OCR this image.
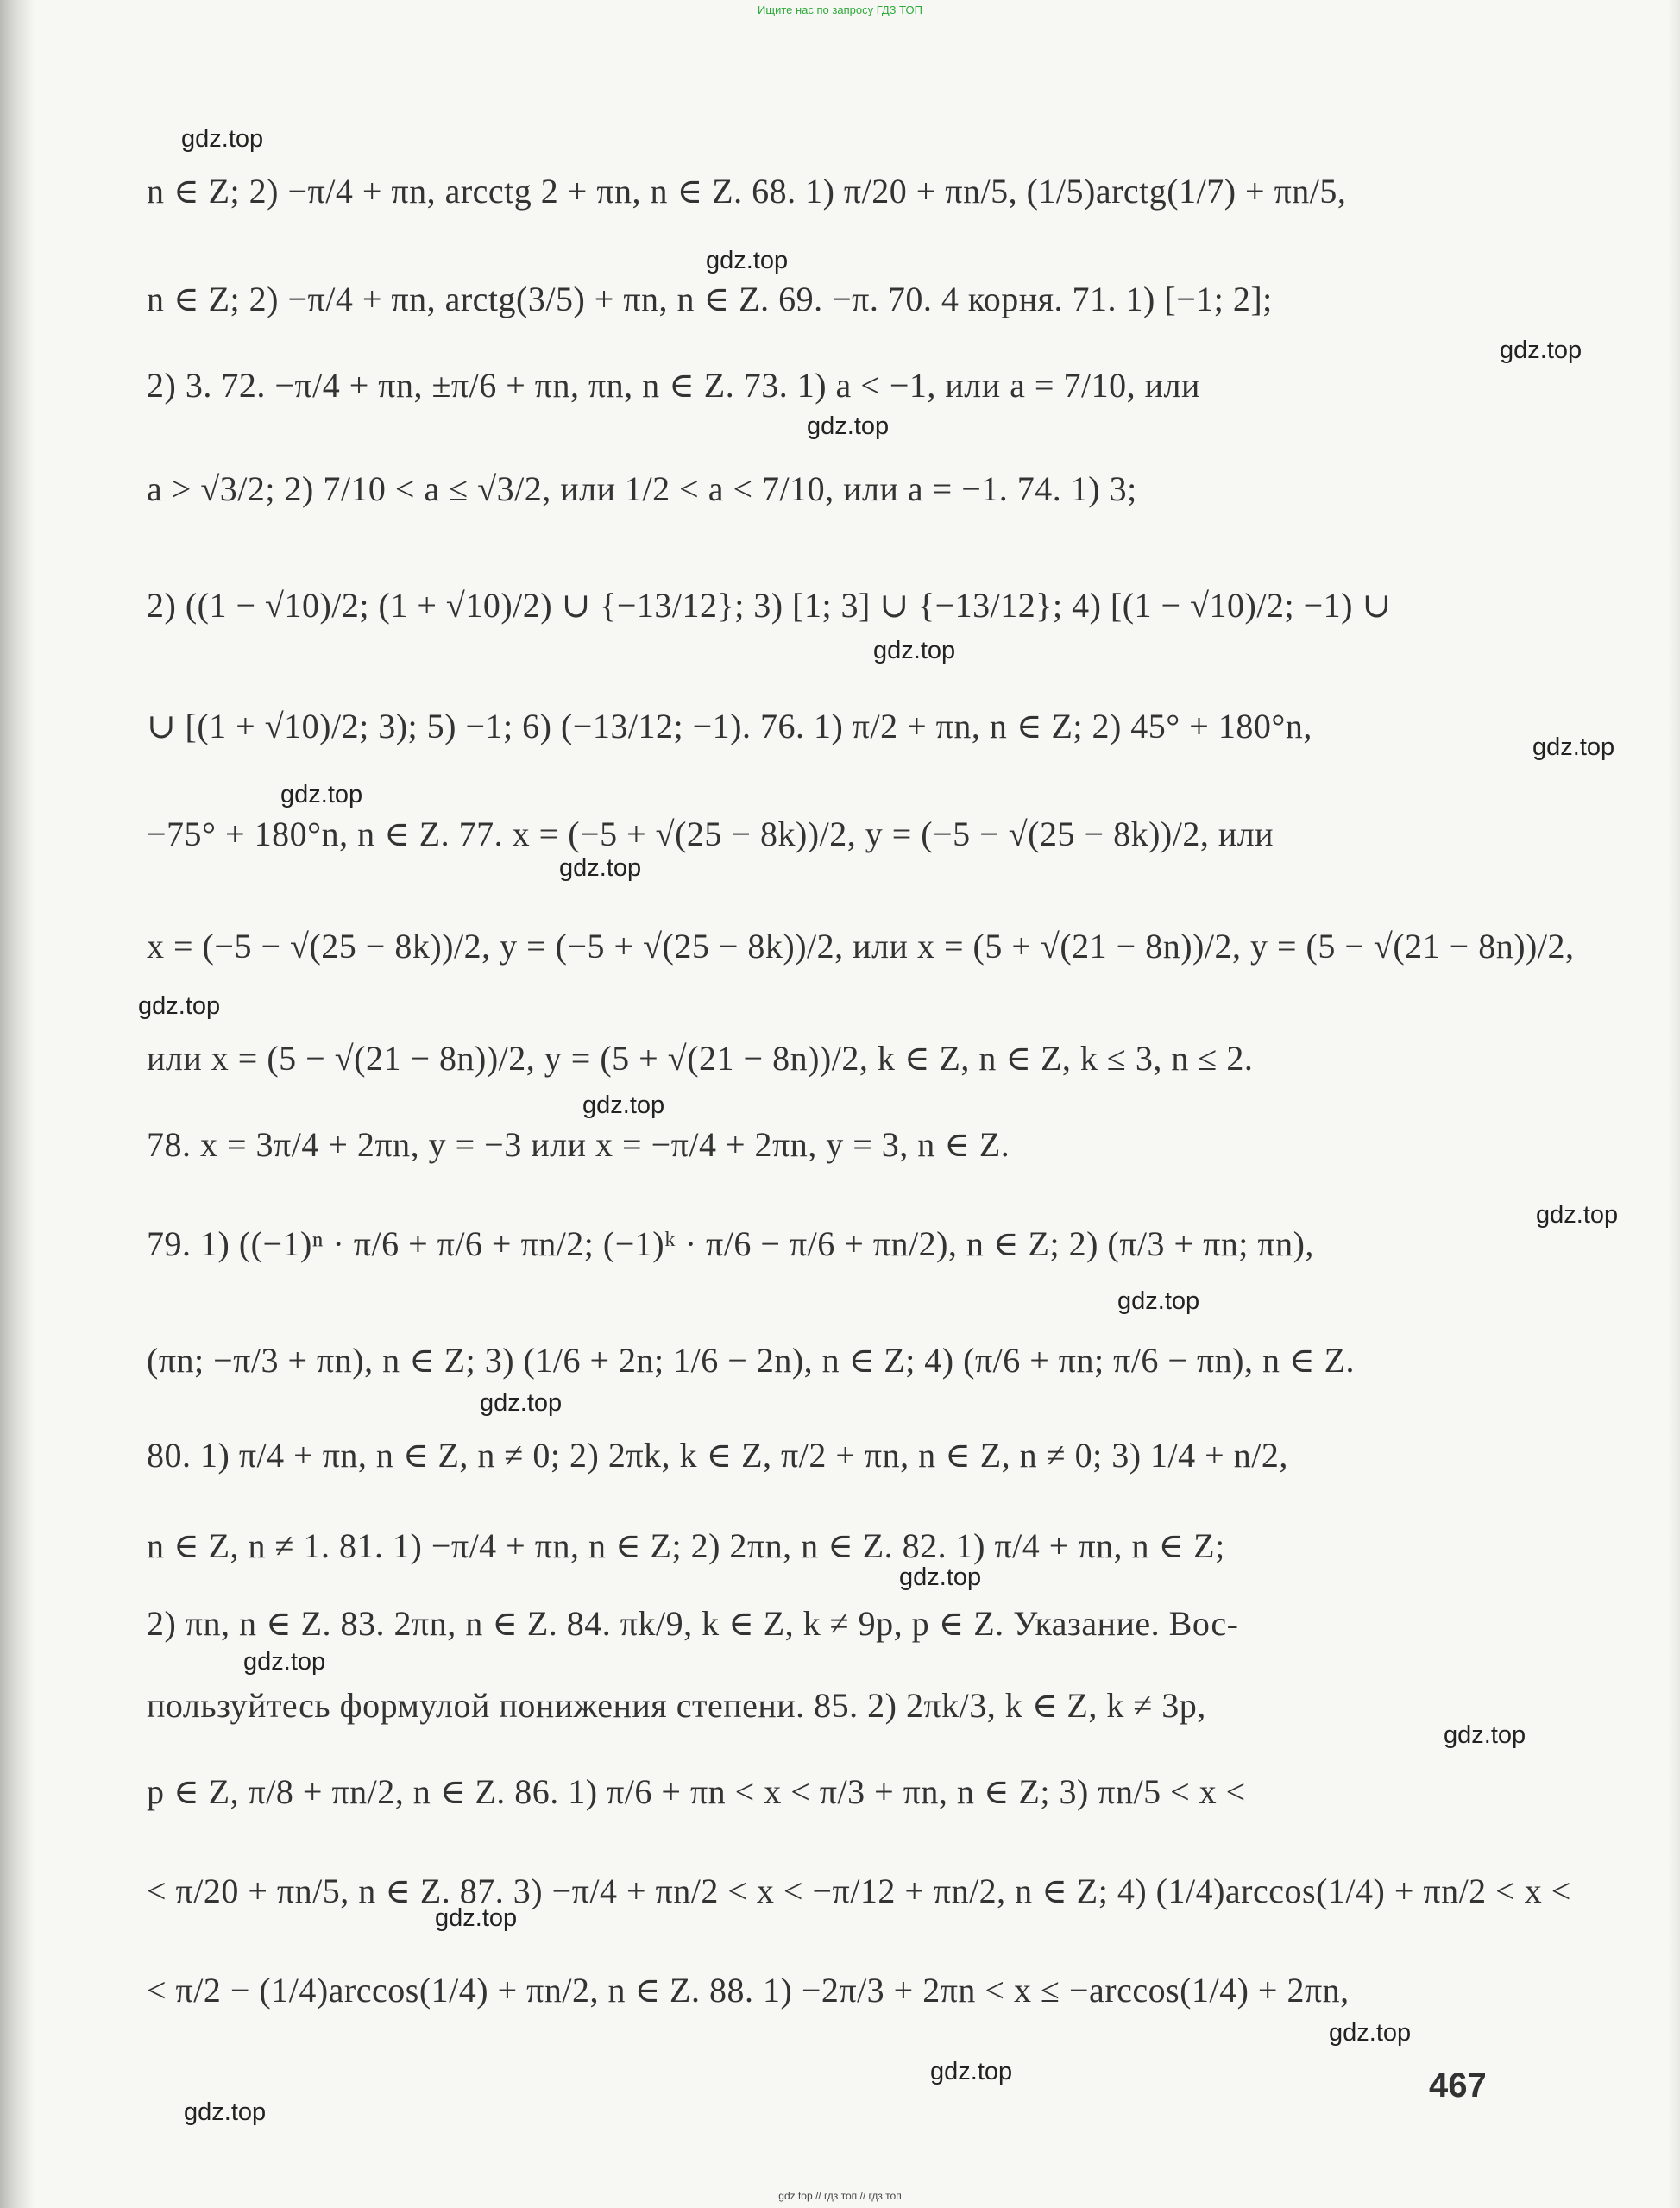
Ищите нас по запросу ГДЗ ТОП
n ∈ Z; 2) −π/4 + πn, arcctg 2 + πn, n ∈ Z. 68. 1) π/20 + πn/5, (1/5)arctg(1/7) + πn/5,
n ∈ Z; 2) −π/4 + πn, arctg(3/5) + πn, n ∈ Z. 69. −π. 70. 4 корня. 71. 1) [−1; 2];
2) 3. 72. −π/4 + πn, ±π/6 + πn, πn, n ∈ Z. 73. 1) a < −1, или a = 7/10, или
a > √3/2; 2) 7/10 < a ≤ √3/2, или 1/2 < a < 7/10, или a = −1. 74. 1) 3;
2) ((1 − √10)/2; (1 + √10)/2) ∪ {−13/12}; 3) [1; 3] ∪ {−13/12}; 4) [(1 − √10)/2; −1) ∪
∪ [(1 + √10)/2; 3); 5) −1; 6) (−13/12; −1). 76. 1) π/2 + πn, n ∈ Z; 2) 45° + 180°n,
−75° + 180°n, n ∈ Z. 77. x = (−5 + √(25 − 8k))/2, y = (−5 − √(25 − 8k))/2, или
x = (−5 − √(25 − 8k))/2, y = (−5 + √(25 − 8k))/2, или x = (5 + √(21 − 8n))/2, y = (5 − √(21 − 8n))/2,
или x = (5 − √(21 − 8n))/2, y = (5 + √(21 − 8n))/2, k ∈ Z, n ∈ Z, k ≤ 3, n ≤ 2.
78. x = 3π/4 + 2πn, y = −3 или x = −π/4 + 2πn, y = 3, n ∈ Z.
79. 1) ((−1)ⁿ · π/6 + π/6 + πn/2; (−1)ᵏ · π/6 − π/6 + πn/2), n ∈ Z; 2) (π/3 + πn; πn),
(πn; −π/3 + πn), n ∈ Z; 3) (1/6 + 2n; 1/6 − 2n), n ∈ Z; 4) (π/6 + πn; π/6 − πn), n ∈ Z.
80. 1) π/4 + πn, n ∈ Z, n ≠ 0; 2) 2πk, k ∈ Z, π/2 + πn, n ∈ Z, n ≠ 0; 3) 1/4 + n/2,
n ∈ Z, n ≠ 1. 81. 1) −π/4 + πn, n ∈ Z; 2) 2πn, n ∈ Z. 82. 1) π/4 + πn, n ∈ Z;
2) πn, n ∈ Z. 83. 2πn, n ∈ Z. 84. πk/9, k ∈ Z, k ≠ 9p, p ∈ Z. Указание. Вос-
пользуйтесь формулой понижения степени. 85. 2) 2πk/3, k ∈ Z, k ≠ 3p,
p ∈ Z, π/8 + πn/2, n ∈ Z. 86. 1) π/6 + πn < x < π/3 + πn, n ∈ Z; 3) πn/5 < x <
< π/20 + πn/5, n ∈ Z. 87. 3) −π/4 + πn/2 < x < −π/12 + πn/2, n ∈ Z; 4) (1/4)arccos(1/4) + πn/2 < x <
< π/2 − (1/4)arccos(1/4) + πn/2, n ∈ Z. 88. 1) −2π/3 + 2πn < x ≤ −arccos(1/4) + 2πn,
gdz.top
gdz.top
gdz.top
gdz.top
gdz.top
gdz.top
gdz.top
gdz.top
gdz.top
gdz.top
gdz.top
gdz.top
gdz.top
gdz.top
gdz.top
gdz.top
gdz.top
gdz.top
gdz.top
gdz.top
467
gdz top // гдз топ // гдз топ
